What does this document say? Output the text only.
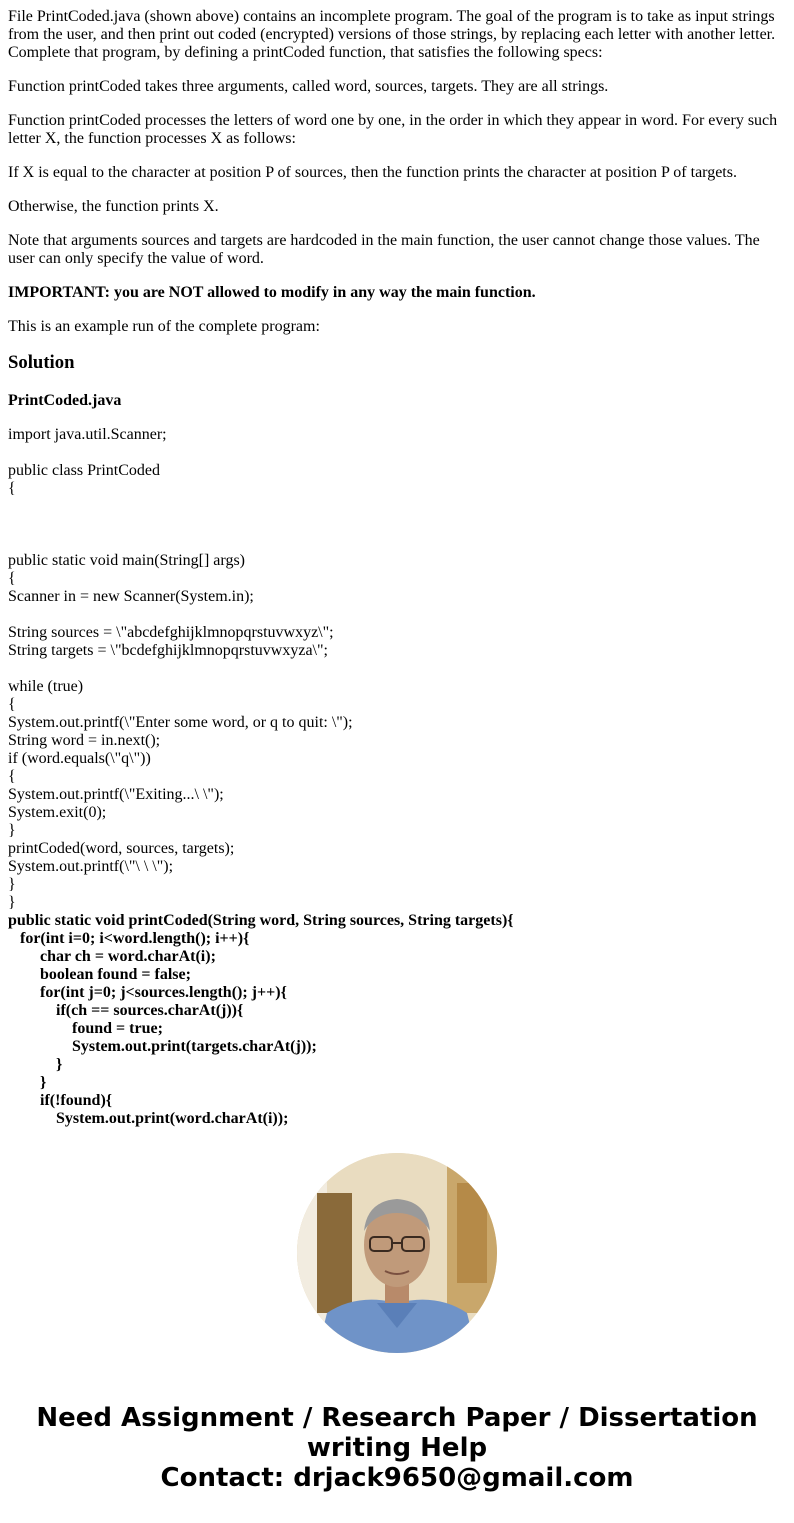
File PrintCoded.java (shown above) contains an incomplete program. The goal of the program is to take as input strings from the user, and then print out coded (encrypted) versions of those strings, by replacing each letter with another letter. Complete that program, by defining a printCoded function, that satisfies the following specs:

Function printCoded takes three arguments, called word, sources, targets. They are all strings.

Function printCoded processes the letters of word one by one, in the order in which they appear in word. For every such letter X, the function processes X as follows:

If X is equal to the character at position P of sources, then the function prints the character at position P of targets.

Otherwise, the function prints X.

Note that arguments sources and targets are hardcoded in the main function, the user cannot change those values. The user can only specify the value of word.

IMPORTANT: you are NOT allowed to modify in any way the main function.

This is an example run of the complete program:

Solution
PrintCoded.java
import java.util.Scanner;
public class PrintCoded
{
public static void main(String[] args)
{
Scanner in = new Scanner(System.in);
String sources = \"abcdefghijklmnopqrstuvwxyz\";
String targets = \"bcdefghijklmnopqrstuvwxyza\";
while (true)
{
System.out.printf(\"Enter some word, or q to quit: \");
String word = in.next();
if (word.equals(\"q\"))
{
System.out.printf(\"Exiting...\ \");
System.exit(0);
}
printCoded(word, sources, targets);
System.out.printf(\"\ \ \");
}
}
public static void printCoded(String word, String sources, String targets){
for(int i=0; i<word.length(); i++){
char ch = word.charAt(i);
boolean found = false;
for(int j=0; j<sources.length(); j++){
if(ch == sources.charAt(j)){
found = true;
System.out.print(targets.charAt(j));
}
}
if(!found){
System.out.print(word.charAt(i));
Need Assignment / Research Paper / Dissertation
writing Help
Contact: drjack9650@gmail.com
